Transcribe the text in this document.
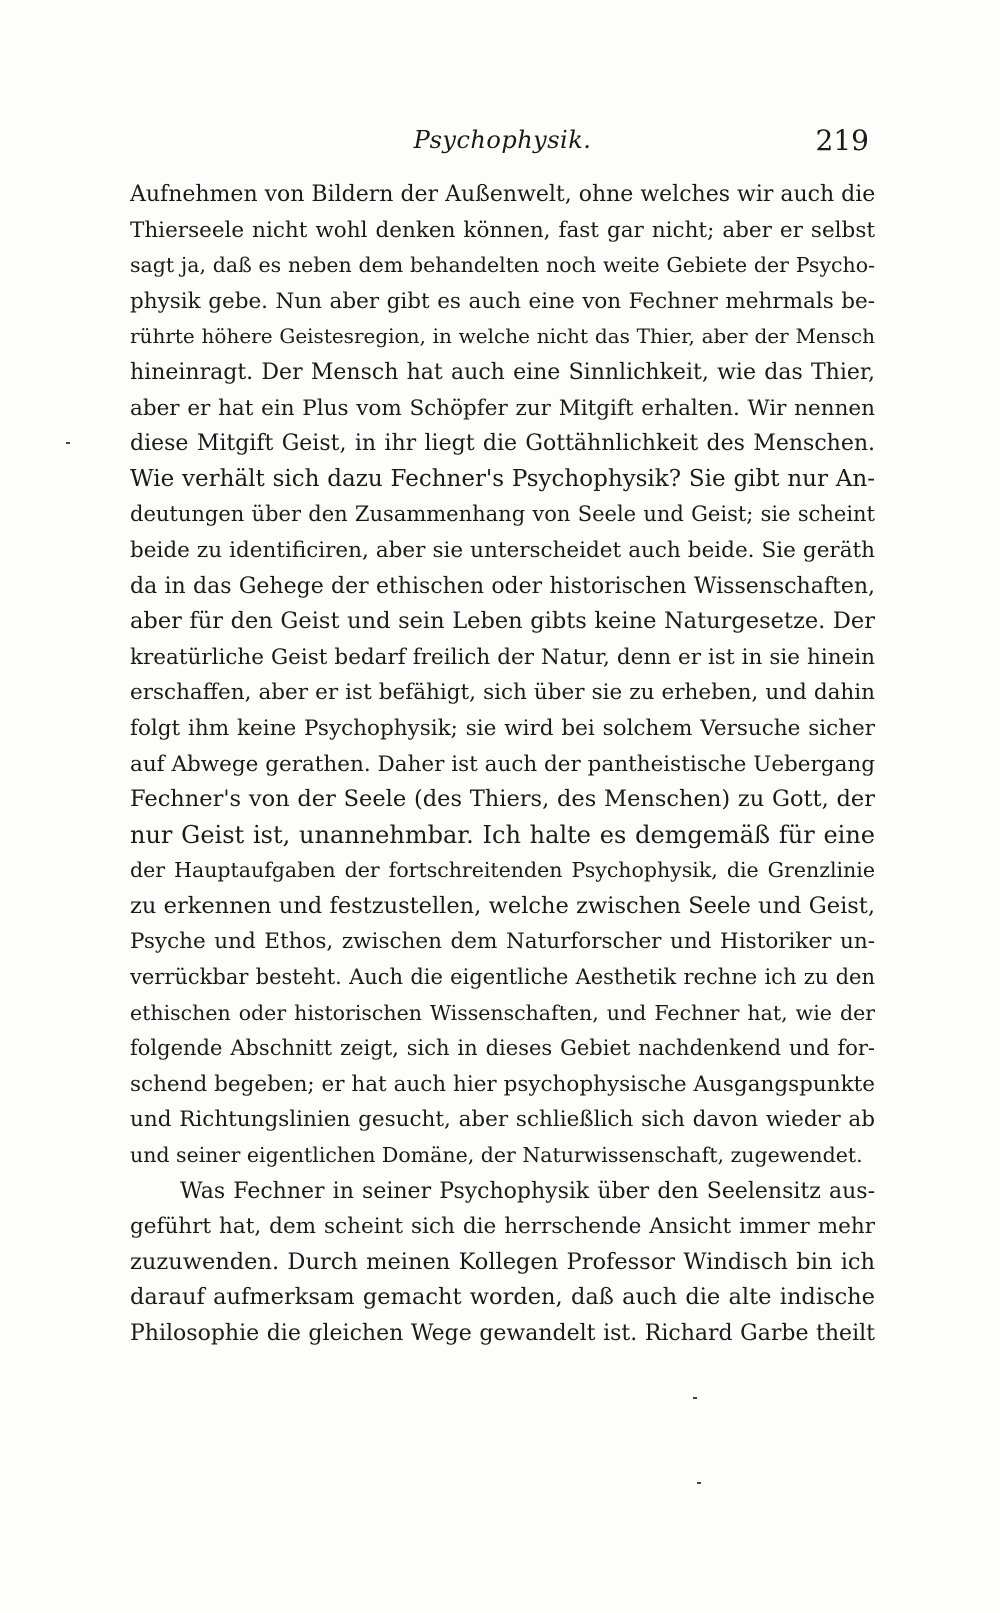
Psychophysik.	219
Aufnehmen von Bildern der Außenwelt, ohne welches wir auch die
Thierseele nicht wohl denken können, fast gar nicht; aber er selbst
sagt ja, daß es neben dem behandelten noch weite Gebiete der Psycho-
physik gebe. Nun aber gibt es auch eine von Fechner mehrmals be-
rührte höhere Geistesregion, in welche nicht das Thier, aber der Mensch
hineinragt. Der Mensch hat auch eine Sinnlichkeit, wie das Thier,
aber er hat ein Plus vom Schöpfer zur Mitgift erhalten. Wir nennen
diese Mitgift Geist, in ihr liegt die Gottähnlichkeit des Menschen.
Wie verhält sich dazu Fechner's Psychophysik? Sie gibt nur An-
deutungen über den Zusammenhang von Seele und Geist; sie scheint
beide zu identificiren, aber sie unterscheidet auch beide. Sie geräth
da in das Gehege der ethischen oder historischen Wissenschaften,
aber für den Geist und sein Leben gibts keine Naturgesetze. Der
kreatürliche Geist bedarf freilich der Natur, denn er ist in sie hinein
erschaffen, aber er ist befähigt, sich über sie zu erheben, und dahin
folgt ihm keine Psychophysik; sie wird bei solchem Versuche sicher
auf Abwege gerathen. Daher ist auch der pantheistische Uebergang
Fechner's von der Seele (des Thiers, des Menschen) zu Gott, der
nur Geist ist, unannehmbar. Ich halte es demgemäß für eine
der Hauptaufgaben der fortschreitenden Psychophysik, die Grenzlinie
zu erkennen und festzustellen, welche zwischen Seele und Geist,
Psyche und Ethos, zwischen dem Naturforscher und Historiker un-
verrückbar besteht. Auch die eigentliche Aesthetik rechne ich zu den
ethischen oder historischen Wissenschaften, und Fechner hat, wie der
folgende Abschnitt zeigt, sich in dieses Gebiet nachdenkend und for-
schend begeben; er hat auch hier psychophysische Ausgangspunkte
und Richtungslinien gesucht, aber schließlich sich davon wieder ab
und seiner eigentlichen Domäne, der Naturwissenschaft, zugewendet.
Was Fechner in seiner Psychophysik über den Seelensitz aus-
geführt hat, dem scheint sich die herrschende Ansicht immer mehr
zuzuwenden. Durch meinen Kollegen Professor Windisch bin ich
darauf aufmerksam gemacht worden, daß auch die alte indische
Philosophie die gleichen Wege gewandelt ist. Richard Garbe theilt
